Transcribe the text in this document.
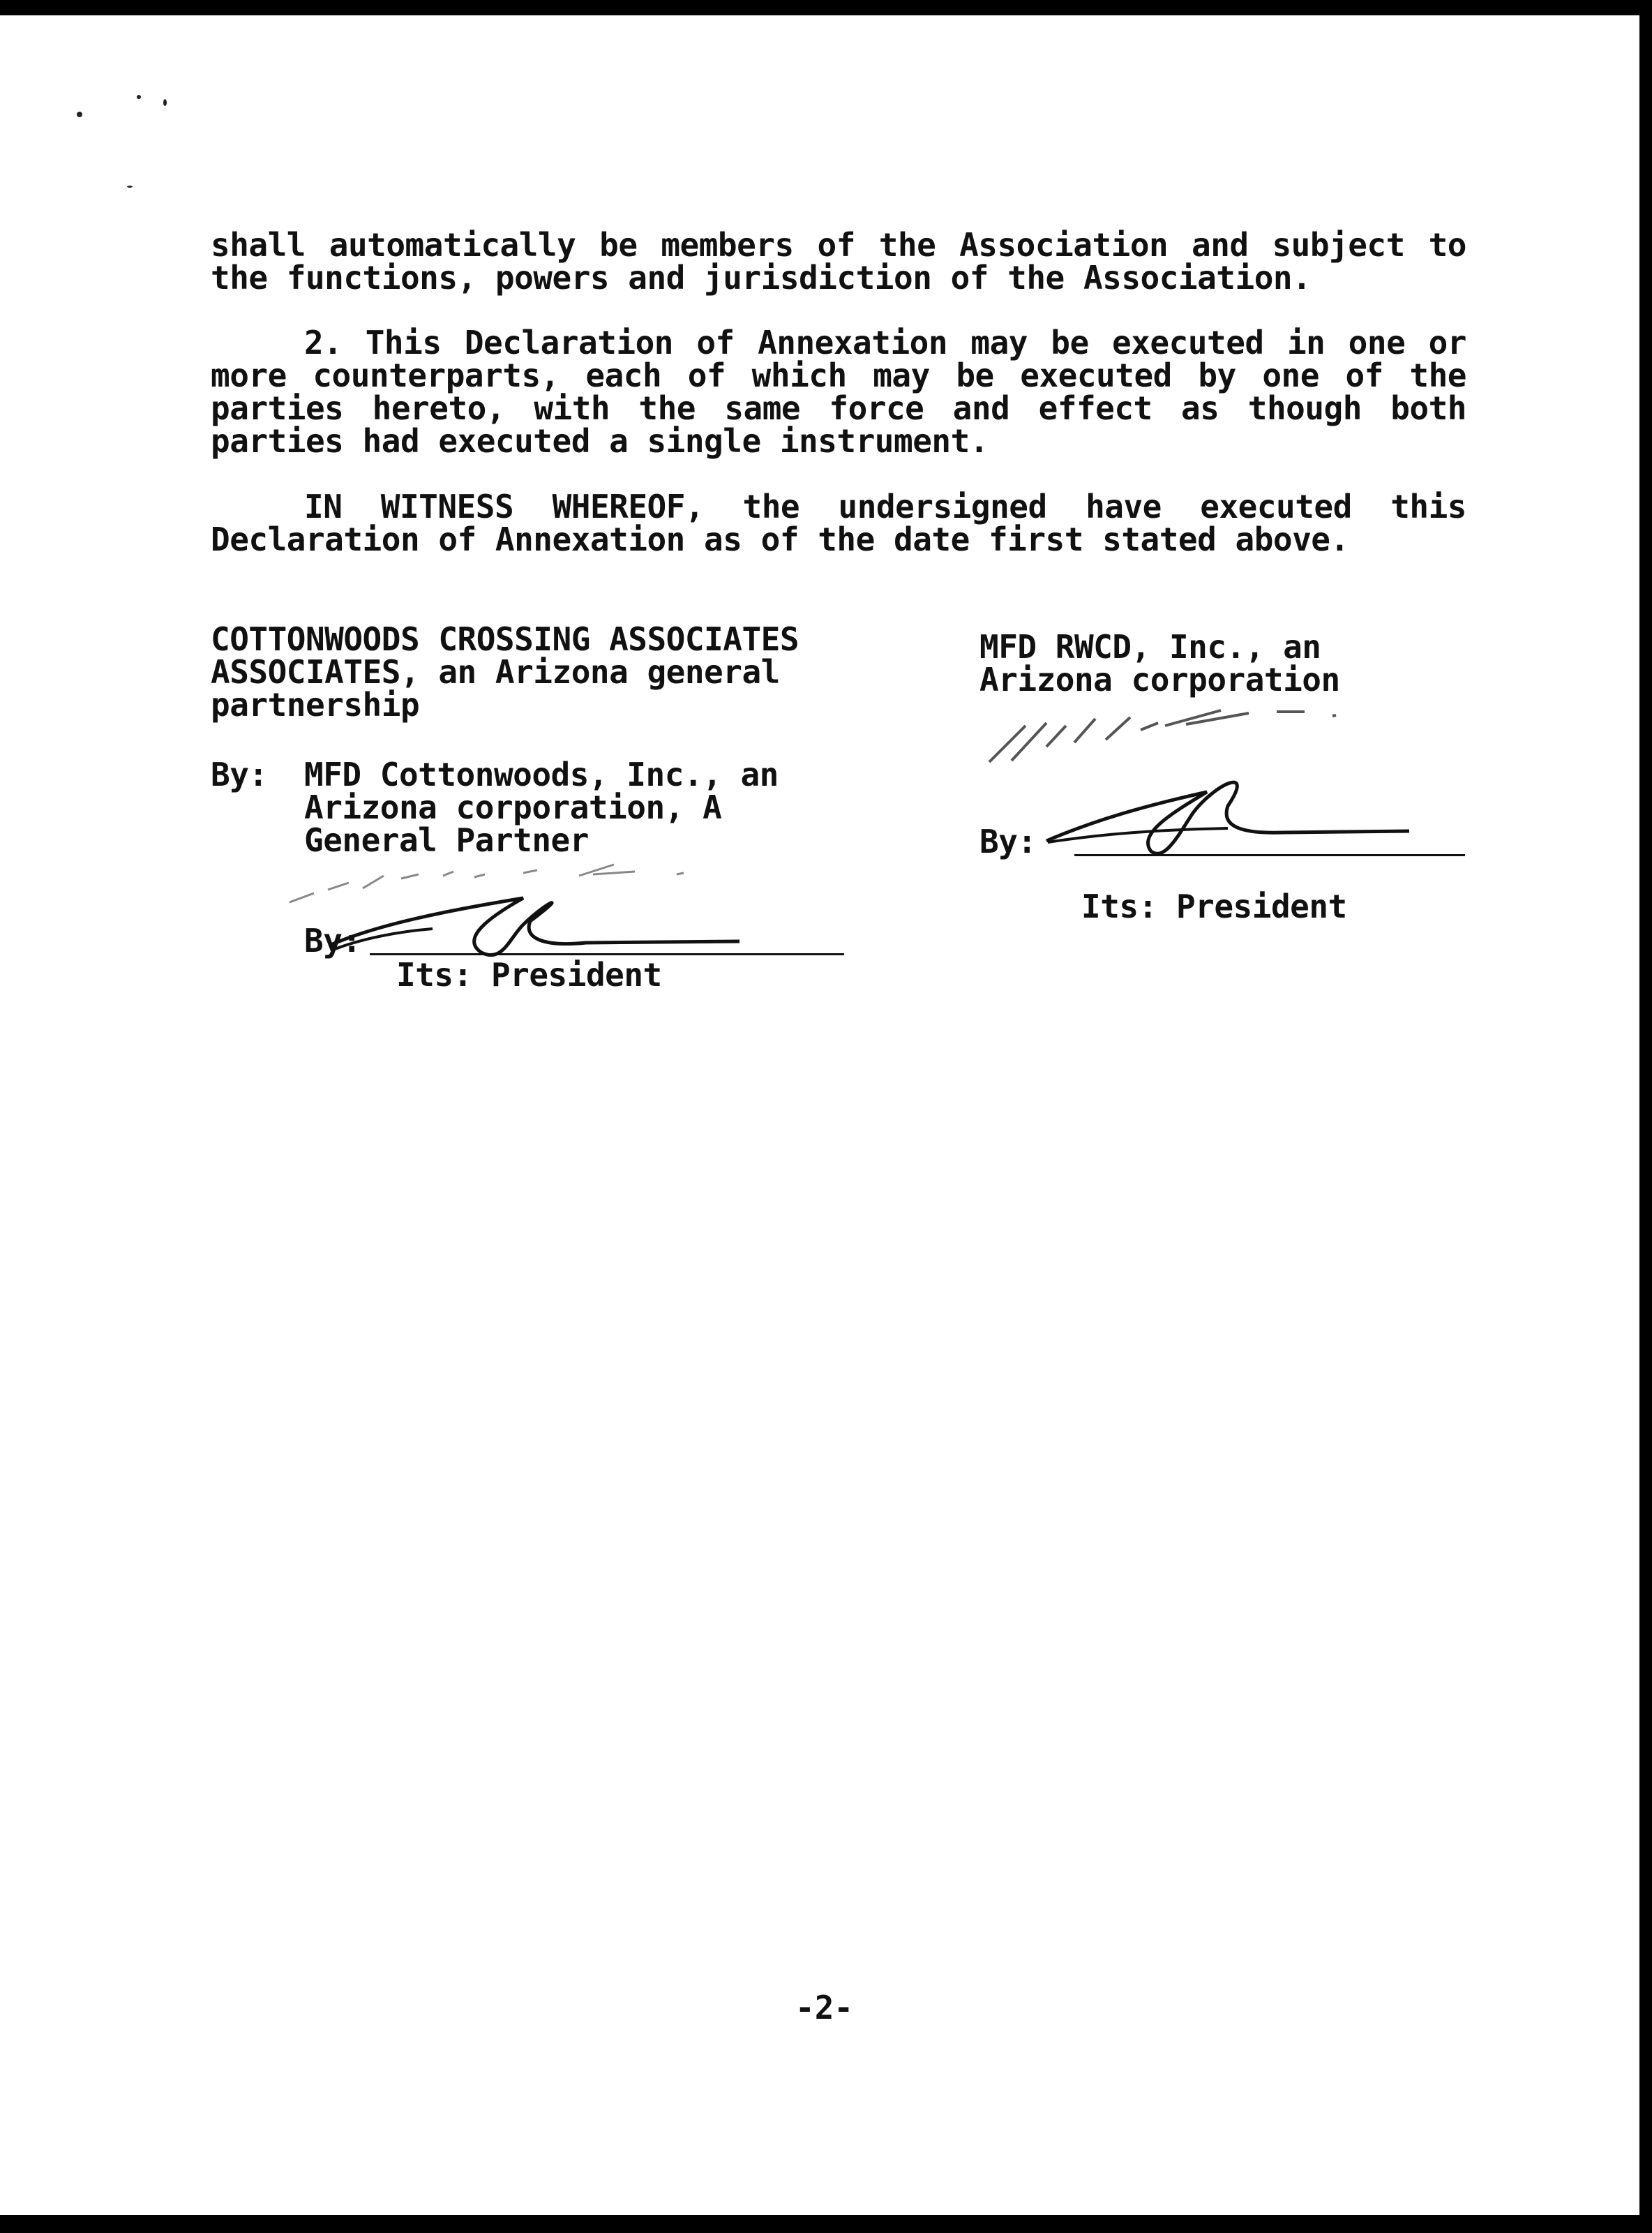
shall automatically be members of the Association and subject to
the functions, powers and jurisdiction of the Association.
2. This Declaration of Annexation may be executed in one or
more counterparts, each of which may be executed by one of the
parties hereto, with the same force and effect as though both
parties had executed a single instrument.
IN WITNESS WHEREOF, the undersigned have executed this
Declaration of Annexation as of the date first stated above.
COTTONWOODS CROSSING ASSOCIATES
ASSOCIATES, an Arizona general
partnership
By: MFD Cottonwoods, Inc., an
Arizona corporation, A
General Partner
By:
Its: President
MFD RWCD, Inc., an
Arizona corporation
By:
Its: President
-2-
